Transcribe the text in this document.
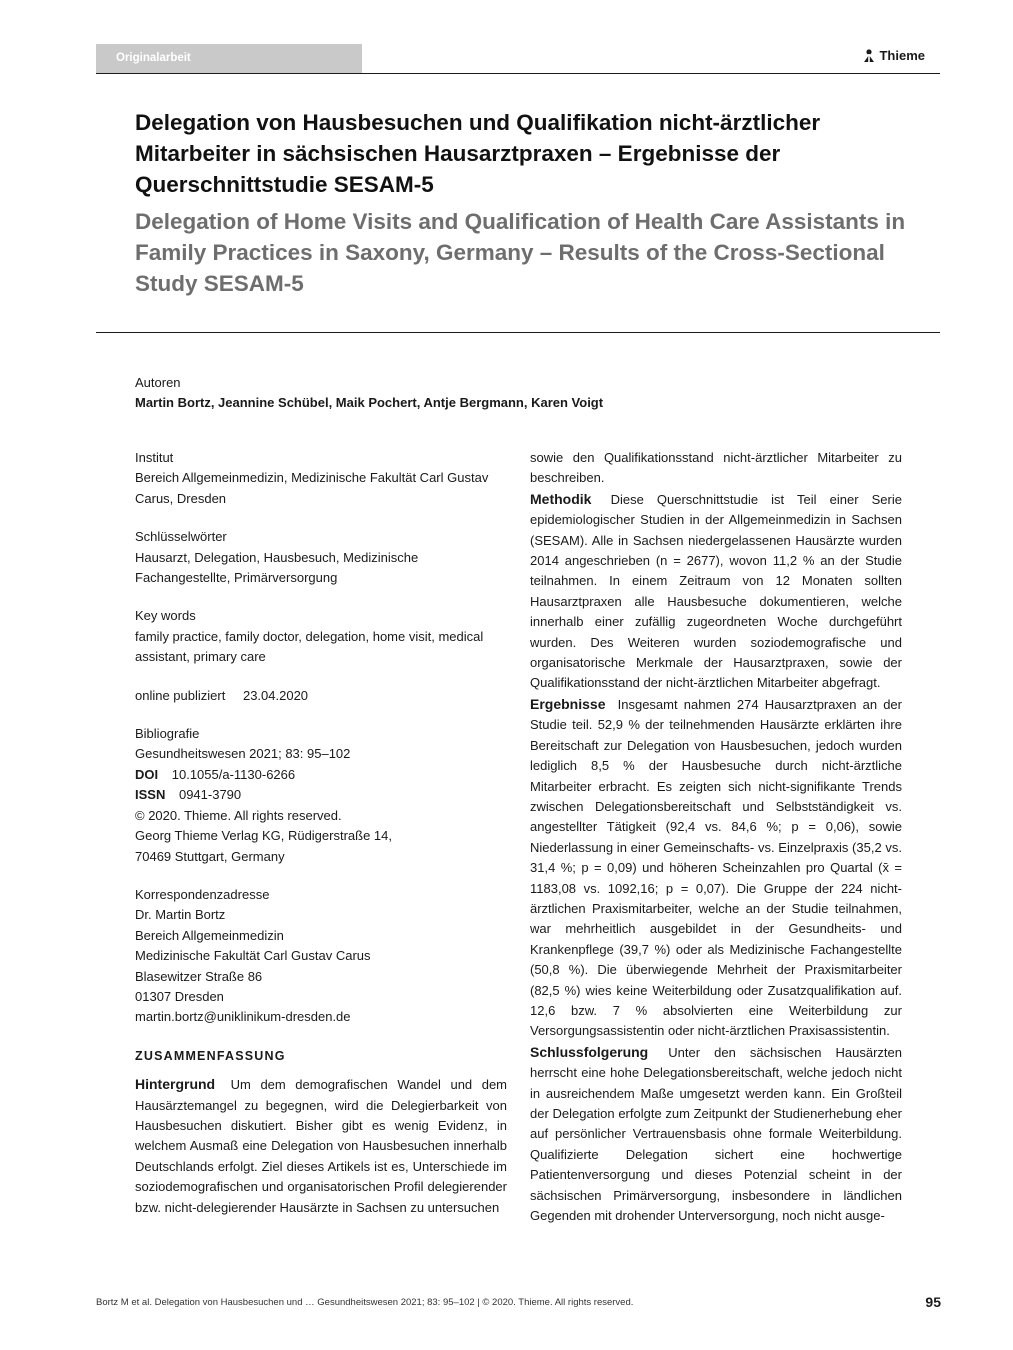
Originalarbeit	Thieme
Delegation von Hausbesuchen und Qualifikation nicht-ärztlicher Mitarbeiter in sächsischen Hausarztpraxen – Ergebnisse der Querschnittstudie SESAM-5
Delegation of Home Visits and Qualification of Health Care Assistants in Family Practices in Saxony, Germany – Results of the Cross-Sectional Study SESAM-5
Autoren
Martin Bortz, Jeannine Schübel, Maik Pochert, Antje Bergmann, Karen Voigt
Institut
Bereich Allgemeinmedizin, Medizinische Fakultät Carl Gustav Carus, Dresden
Schlüsselwörter
Hausarzt, Delegation, Hausbesuch, Medizinische Fachangestellte, Primärversorgung
Key words
family practice, family doctor, delegation, home visit, medical assistant, primary care
online publiziert 23.04.2020
Bibliografie
Gesundheitswesen 2021; 83: 95–102
DOI 10.1055/a-1130-6266
ISSN 0941-3790
© 2020. Thieme. All rights reserved.
Georg Thieme Verlag KG, Rüdigerstraße 14,
70469 Stuttgart, Germany
Korrespondenzadresse
Dr. Martin Bortz
Bereich Allgemeinmedizin
Medizinische Fakultät Carl Gustav Carus
Blasewitzer Straße 86
01307 Dresden
martin.bortz@uniklinikum-dresden.de
ZUSAMMENFASSUNG

Hintergrund Um dem demografischen Wandel und dem Hausärztemangel zu begegnen, wird die Delegierbarkeit von Hausbesuchen diskutiert. Bisher gibt es wenig Evidenz, in welchem Ausmaß eine Delegation von Hausbesuchen innerhalb Deutschlands erfolgt. Ziel dieses Artikels ist es, Unterschiede im soziodemografischen und organisatorischen Profil delegierender bzw. nicht-delegierender Hausärzte in Sachsen zu untersuchen

sowie den Qualifikationsstand nicht-ärztlicher Mitarbeiter zu beschreiben.

Methodik Diese Querschnittstudie ist Teil einer Serie epidemiologischer Studien in der Allgemeinmedizin in Sachsen (SESAM). Alle in Sachsen niedergelassenen Hausärzte wurden 2014 angeschrieben (n = 2677), wovon 11,2 % an der Studie teilnahmen. In einem Zeitraum von 12 Monaten sollten Hausarztpraxen alle Hausbesuche dokumentieren, welche innerhalb einer zufällig zugeordneten Woche durchgeführt wurden. Des Weiteren wurden soziodemografische und organisatorische Merkmale der Hausarztpraxen, sowie der Qualifikationsstand der nicht-ärztlichen Mitarbeiter abgefragt.

Ergebnisse Insgesamt nahmen 274 Hausarztpraxen an der Studie teil. 52,9 % der teilnehmenden Hausärzte erklärten ihre Bereitschaft zur Delegation von Hausbesuchen, jedoch wurden lediglich 8,5 % der Hausbesuche durch nicht-ärztliche Mitarbeiter erbracht. Es zeigten sich nicht-signifikante Trends zwischen Delegationsbereitschaft und Selbstständigkeit vs. angestellter Tätigkeit (92,4 vs. 84,6 %; p = 0,06), sowie Niederlassung in einer Gemeinschafts- vs. Einzelpraxis (35,2 vs. 31,4 %; p = 0,09) und höheren Scheinzahlen pro Quartal (x̄ = 1183,08 vs. 1092,16; p = 0,07). Die Gruppe der 224 nicht-ärztlichen Praxismitarbeiter, welche an der Studie teilnahmen, war mehrheitlich ausgebildet in der Gesundheits- und Krankenpflege (39,7 %) oder als Medizinische Fachangestellte (50,8 %). Die überwiegende Mehrheit der Praxismitarbeiter (82,5 %) wies keine Weiterbildung oder Zusatzqualifikation auf. 12,6 bzw. 7 % absolvierten eine Weiterbildung zur Versorgungsassistentin oder nicht-ärztlichen Praxisassistentin.

Schlussfolgerung Unter den sächsischen Hausärzten herrscht eine hohe Delegationsbereitschaft, welche jedoch nicht in ausreichendem Maße umgesetzt werden kann. Ein Großteil der Delegation erfolgte zum Zeitpunkt der Studienerhebung eher auf persönlicher Vertrauensbasis ohne formale Weiterbildung. Qualifizierte Delegation sichert eine hochwertige Patientenversorgung und dieses Potenzial scheint in der sächsischen Primärversorgung, insbesondere in ländlichen Gegenden mit drohender Unterversorgung, noch nicht ausge-

Bortz M et al. Delegation von Hausbesuchen und … Gesundheitswesen 2021; 83: 95–102 | © 2020. Thieme. All rights reserved.	95
